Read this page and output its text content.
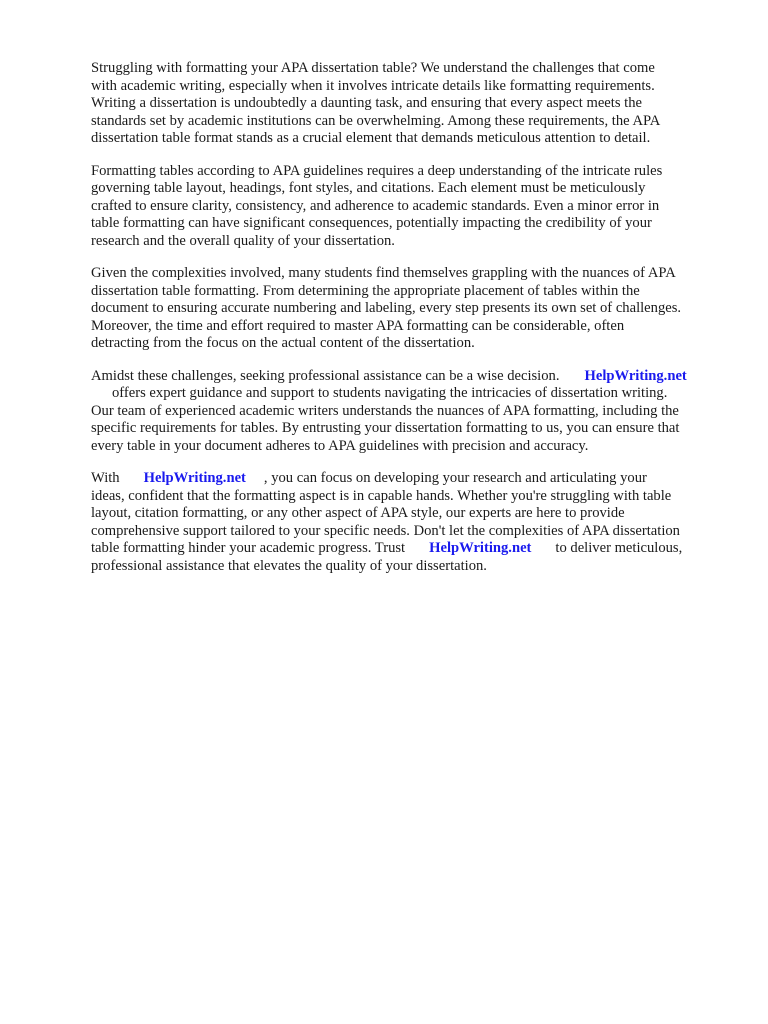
Struggling with formatting your APA dissertation table? We understand the challenges that come
with academic writing, especially when it involves intricate details like formatting requirements.
Writing a dissertation is undoubtedly a daunting task, and ensuring that every aspect meets the
standards set by academic institutions can be overwhelming. Among these requirements, the APA
dissertation table format stands as a crucial element that demands meticulous attention to detail.

Formatting tables according to APA guidelines requires a deep understanding of the intricate rules
governing table layout, headings, font styles, and citations. Each element must be meticulously
crafted to ensure clarity, consistency, and adherence to academic standards. Even a minor error in
table formatting can have significant consequences, potentially impacting the credibility of your
research and the overall quality of your dissertation.

Given the complexities involved, many students find themselves grappling with the nuances of APA
dissertation table formatting. From determining the appropriate placement of tables within the
document to ensuring accurate numbering and labeling, every step presents its own set of challenges.
Moreover, the time and effort required to master APA formatting can be considerable, often
detracting from the focus on the actual content of the dissertation.

Amidst these challenges, seeking professional assistance can be a wise decision. HelpWriting.net
offers expert guidance and support to students navigating the intricacies of dissertation writing.
Our team of experienced academic writers understands the nuances of APA formatting, including the
specific requirements for tables. By entrusting your dissertation formatting to us, you can ensure that
every table in your document adheres to APA guidelines with precision and accuracy.

With HelpWriting.net , you can focus on developing your research and articulating your
ideas, confident that the formatting aspect is in capable hands. Whether you're struggling with table
layout, citation formatting, or any other aspect of APA style, our experts are here to provide
comprehensive support tailored to your specific needs. Don't let the complexities of APA dissertation
table formatting hinder your academic progress. Trust HelpWriting.net to deliver meticulous,
professional assistance that elevates the quality of your dissertation.
